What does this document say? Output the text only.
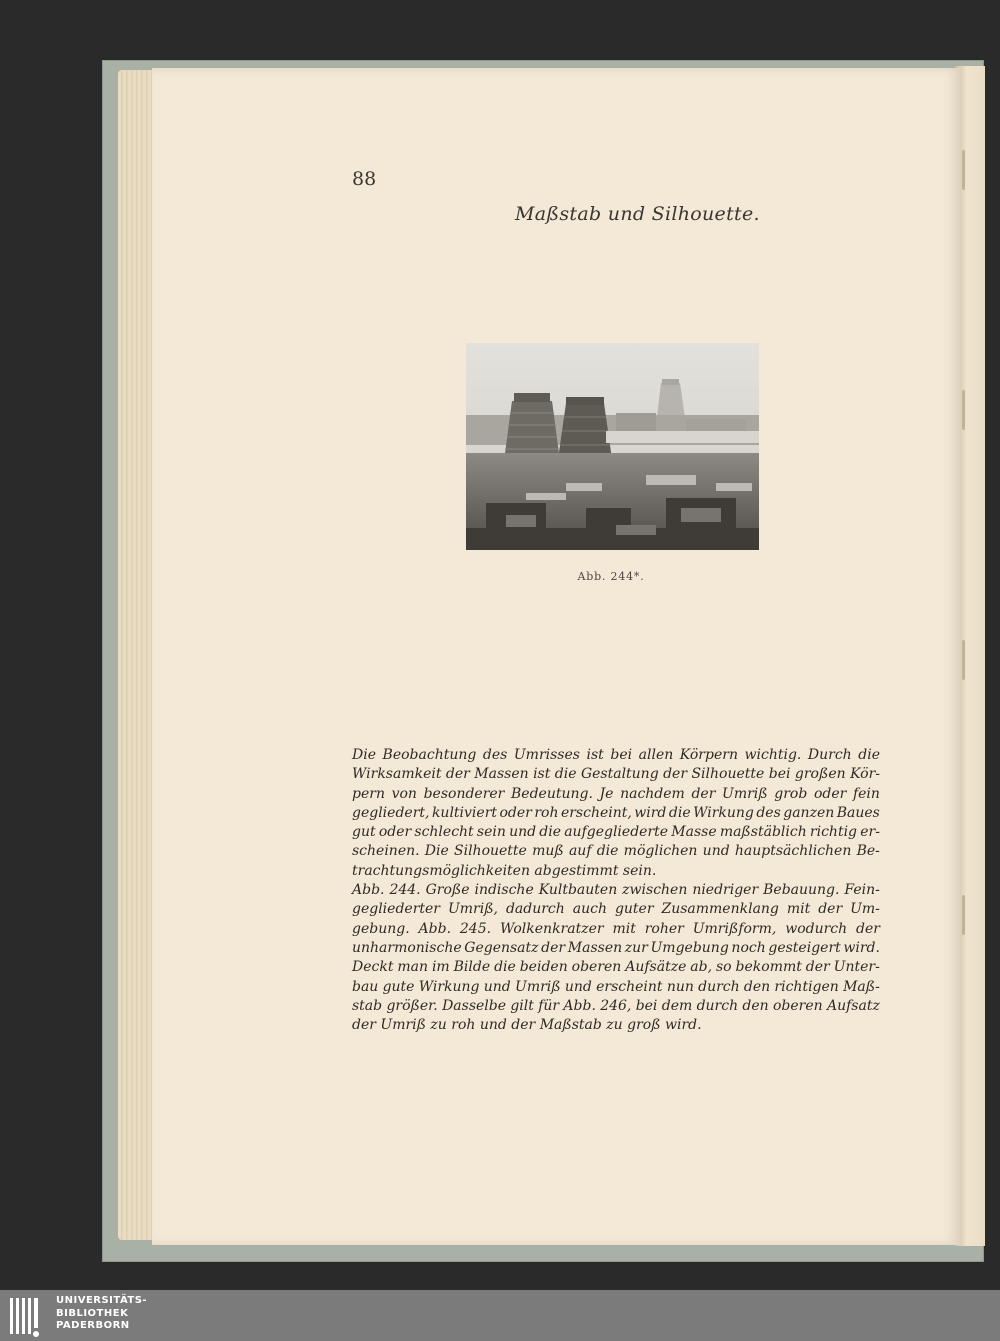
88
Maßstab und Silhouette.

Abb. 244*.

Die Beobachtung des Umrisses ist bei allen Körpern wichtig. Durch die
Wirksamkeit der Massen ist die Gestaltung der Silhouette bei großen Kör-
pern von besonderer Bedeutung. Je nachdem der Umriß grob oder fein
gegliedert, kultiviert oder roh erscheint, wird die Wirkung des ganzen Baues
gut oder schlecht sein und die aufgegliederte Masse maßstäblich richtig er-
scheinen. Die Silhouette muß auf die möglichen und hauptsächlichen Be-
trachtungsmöglichkeiten abgestimmt sein.
Abb. 244. Große indische Kultbauten zwischen niedriger Bebauung. Fein-
gegliederter Umriß, dadurch auch guter Zusammenklang mit der Um-
gebung. Abb. 245. Wolkenkratzer mit roher Umrißform, wodurch der
unharmonische Gegensatz der Massen zur Umgebung noch gesteigert wird.
Deckt man im Bilde die beiden oberen Aufsätze ab, so bekommt der Unter-
bau gute Wirkung und Umriß und erscheint nun durch den richtigen Maß-
stab größer. Dasselbe gilt für Abb. 246, bei dem durch den oberen Aufsatz
der Umriß zu roh und der Maßstab zu groß wird.
UNIVERSITÄTS-
BIBLIOTHEK
PADERBORN
